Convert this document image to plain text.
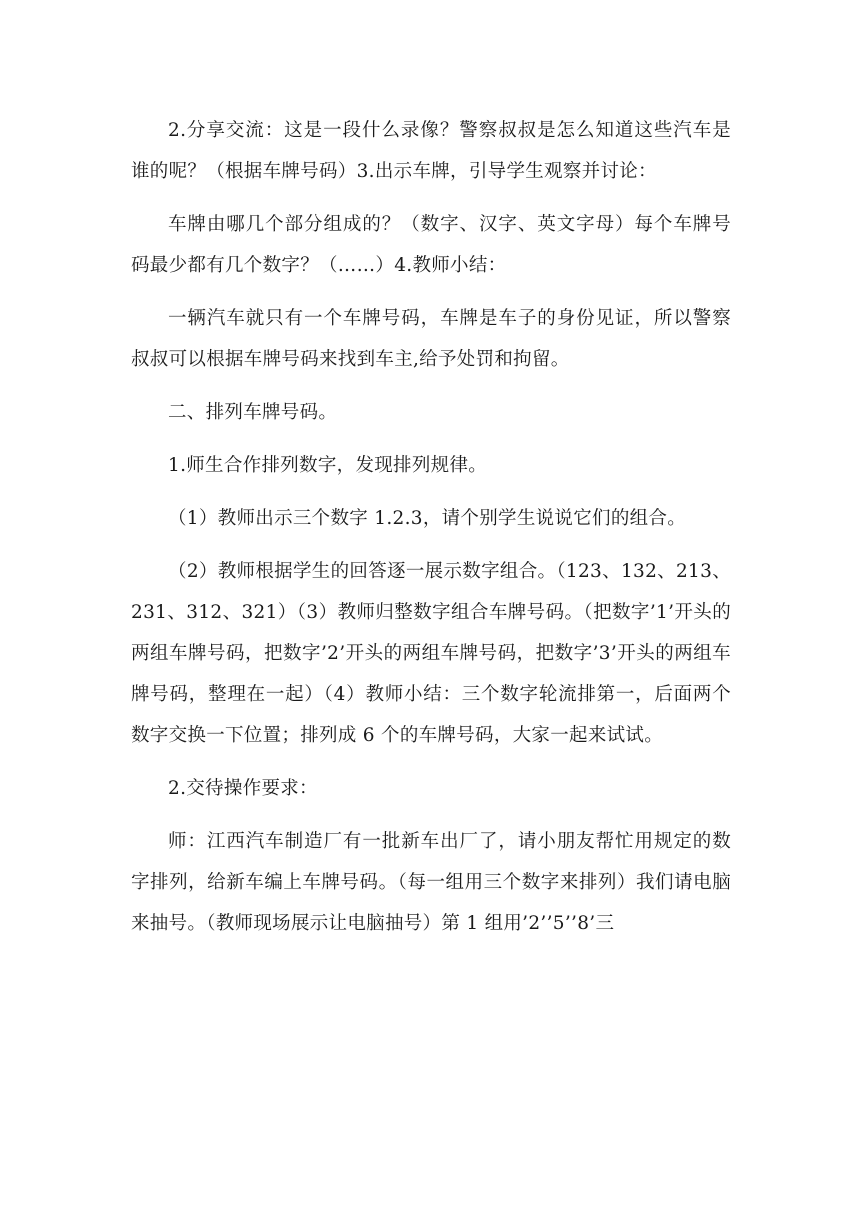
2.分享交流：这是一段什么录像？警察叔叔是怎么知道这些汽车是谁的呢？（根据车牌号码）3.出示车牌，引导学生观察并讨论：

车牌由哪几个部分组成的？（数字、汉字、英文字母）每个车牌号码最少都有几个数字？（……）4.教师小结：

一辆汽车就只有一个车牌号码，车牌是车子的身份见证，所以警察叔叔可以根据车牌号码来找到车主,给予处罚和拘留。

二、排列车牌号码。

1.师生合作排列数字，发现排列规律。

（1）教师出示三个数字 1.2.3，请个别学生说说它们的组合。

（2）教师根据学生的回答逐一展示数字组合。（123、132、213、231、312、321）（3）教师归整数字组合车牌号码。（把数字’1’开头的两组车牌号码，把数字’2’开头的两组车牌号码，把数字’3’开头的两组车牌号码，整理在一起）（4）教师小结：三个数字轮流排第一，后面两个数字交换一下位置；排列成 6 个的车牌号码，大家一起来试试。

2.交待操作要求：

师：江西汽车制造厂有一批新车出厂了，请小朋友帮忙用规定的数字排列，给新车编上车牌号码。（每一组用三个数字来排列）我们请电脑来抽号。（教师现场展示让电脑抽号）第 1 组用’2’’5’’8’三
